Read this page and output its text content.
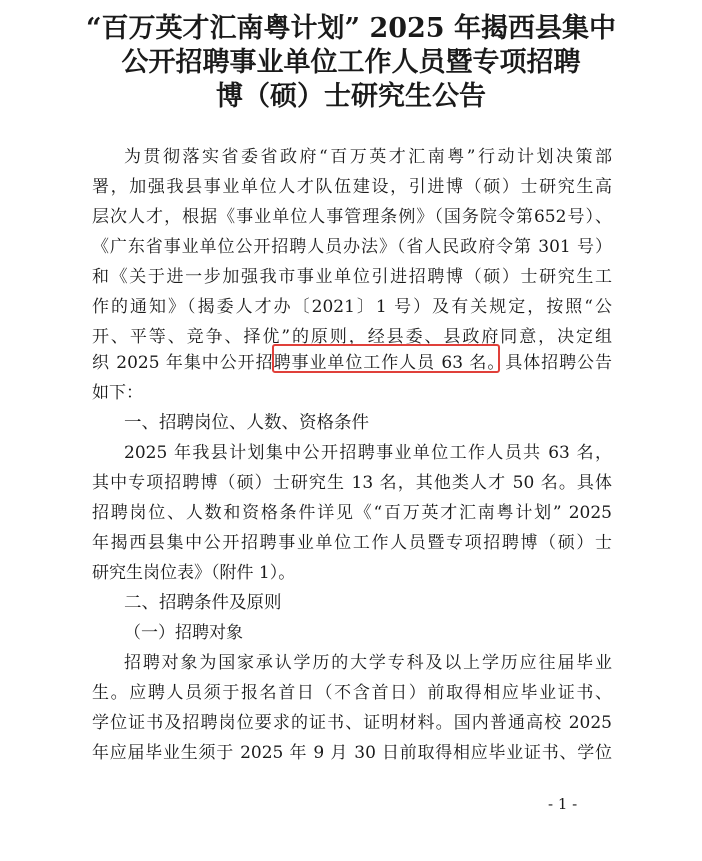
“百万英才汇南粤计划” 2025 年揭西县集中
公开招聘事业单位工作人员暨专项招聘
博（硕）士研究生公告
为贯彻落实省委省政府“百万英才汇南粤”行动计划决策部
署，加强我县事业单位人才队伍建设，引进博（硕）士研究生高
层次人才，根据《事业单位人事管理条例》（国务院令第652号）、
《广东省事业单位公开招聘人员办法》（省人民政府令第 301 号）
和《关于进一步加强我市事业单位引进招聘博（硕）士研究生工
作的通知》（揭委人才办〔2021〕1 号）及有关规定，按照“公
开、平等、竞争、择优”的原则，经县委、县政府同意，决定组
织 2025 年集中公开招聘事业单位工作人员 63 名。具体招聘公告
如下：
一、招聘岗位、人数、资格条件
2025 年我县计划集中公开招聘事业单位工作人员共 63 名，
其中专项招聘博（硕）士研究生 13 名，其他类人才 50 名。具体
招聘岗位、人数和资格条件详见《“百万英才汇南粤计划” 2025
年揭西县集中公开招聘事业单位工作人员暨专项招聘博（硕）士
研究生岗位表》（附件 1）。
二、招聘条件及原则
（一）招聘对象
招聘对象为国家承认学历的大学专科及以上学历应往届毕业
生。应聘人员须于报名首日（不含首日）前取得相应毕业证书、
学位证书及招聘岗位要求的证书、证明材料。国内普通高校 2025
年应届毕业生须于 2025 年 9 月 30 日前取得相应毕业证书、学位
- 1 -
